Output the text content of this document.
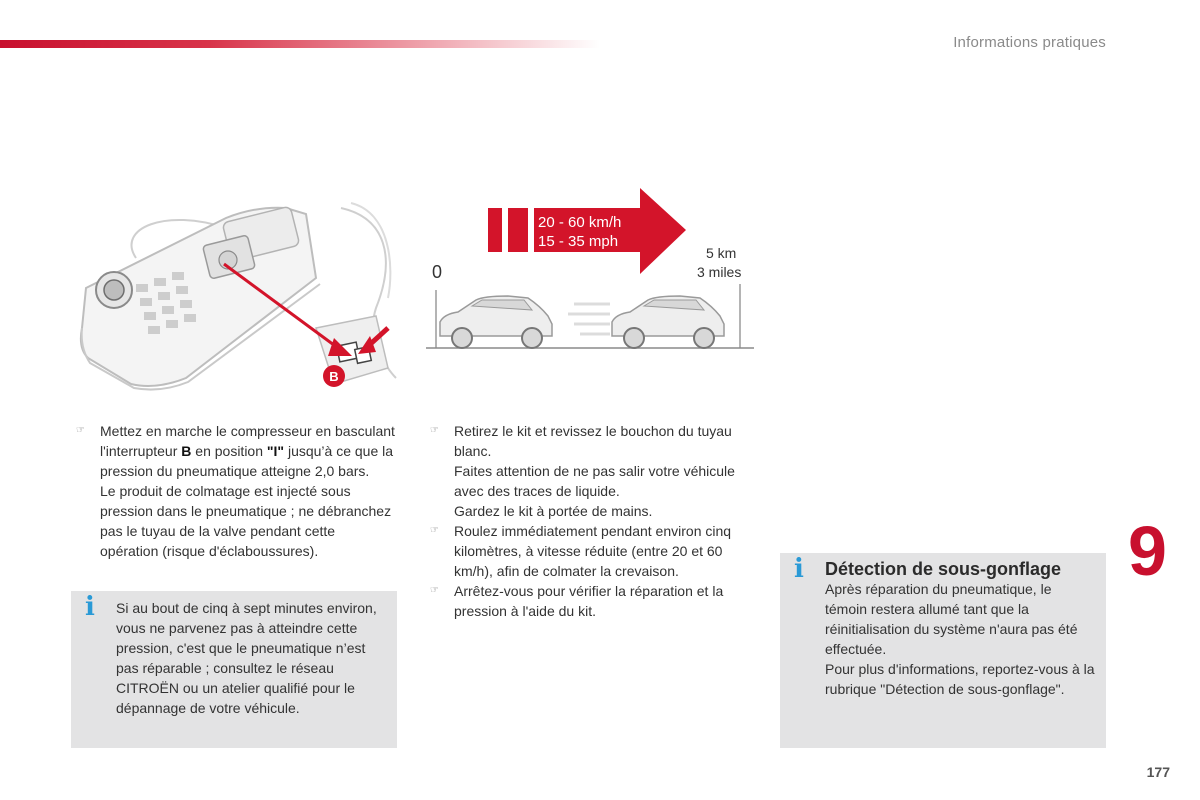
Informations pratiques
B
20 - 60 km/h
15 - 35 mph
0
5 km
3 miles
☞ Mettez en marche le compresseur en basculant l'interrupteur B en position "I" jusqu’à ce que la pression du pneumatique atteigne 2,0 bars.

Le produit de colmatage est injecté sous pression dans le pneumatique ; ne débranchez pas le tuyau de la valve pendant cette opération (risque d'éclaboussures).

i Si au bout de cinq à sept minutes environ, vous ne parvenez pas à atteindre cette pression, c'est que le pneumatique n’est pas réparable ; consultez le réseau CITROËN ou un atelier qualifié pour le dépannage de votre véhicule.

☞ Retirez le kit et revissez le bouchon du tuyau blanc.

Faites attention de ne pas salir votre véhicule avec des traces de liquide.

Gardez le kit à portée de mains.

☞ Roulez immédiatement pendant environ cinq kilomètres, à vitesse réduite (entre 20 et 60 km/h), afin de colmater la crevaison.

☞ Arrêtez-vous pour vérifier la réparation et la pression à l'aide du kit.

i Détection de sous-gonflage

Après réparation du pneumatique, le témoin restera allumé tant que la réinitialisation du système n'aura pas été effectuée.

Pour plus d'informations, reportez-vous à la rubrique "Détection de sous-gonflage".

9
177
